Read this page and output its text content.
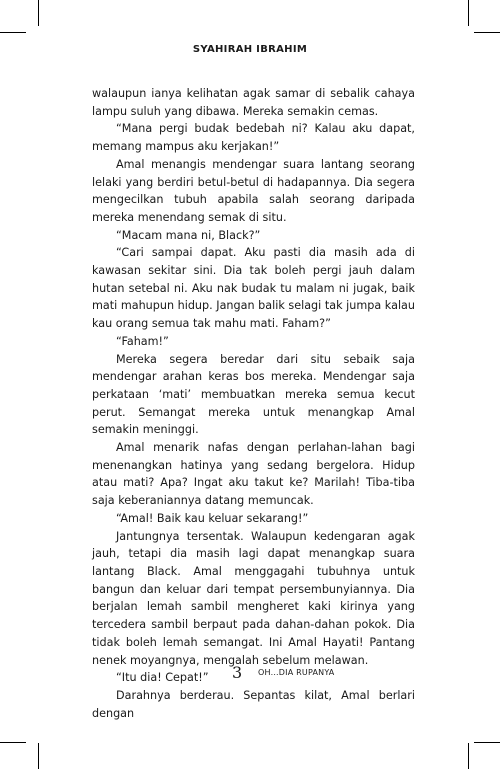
SYAHIRAH IBRAHIM

walaupun ianya kelihatan agak samar di sebalik cahaya lampu suluh yang dibawa. Mereka semakin cemas.

“Mana pergi budak bedebah ni? Kalau aku dapat, memang mampus aku kerjakan!”

Amal menangis mendengar suara lantang seorang lelaki yang berdiri betul-betul di hadapannya. Dia segera mengecilkan tubuh apabila salah seorang daripada mereka menendang semak di situ.

“Macam mana ni, Black?”

“Cari sampai dapat. Aku pasti dia masih ada di kawasan sekitar sini. Dia tak boleh pergi jauh dalam hutan setebal ni. Aku nak budak tu malam ni jugak, baik mati mahupun hidup. Jangan balik selagi tak jumpa kalau kau orang semua tak mahu mati. Faham?”

“Faham!”

Mereka segera beredar dari situ sebaik saja mendengar arahan keras bos mereka. Mendengar saja perkataan ‘mati’ membuatkan mereka semua kecut perut. Semangat mereka untuk menangkap Amal semakin meninggi.

Amal menarik nafas dengan perlahan-lahan bagi menenangkan hatinya yang sedang bergelora. Hidup atau mati? Apa? Ingat aku takut ke? Marilah! Tiba-tiba saja keberaniannya datang memuncak.

“Amal! Baik kau keluar sekarang!”

Jantungnya tersentak. Walaupun kedengaran agak jauh, tetapi dia masih lagi dapat menangkap suara lantang Black. Amal menggagahi tubuhnya untuk bangun dan keluar dari tempat persembunyiannya. Dia berjalan lemah sambil mengheret kaki kirinya yang tercedera sambil berpaut pada dahan-dahan pokok. Dia tidak boleh lemah semangat. Ini Amal Hayati! Pantang nenek moyangnya, mengalah sebelum melawan.

“Itu dia! Cepat!”

Darahnya berderau. Sepantas kilat, Amal berlari dengan

3 OH...DIA RUPANYA
